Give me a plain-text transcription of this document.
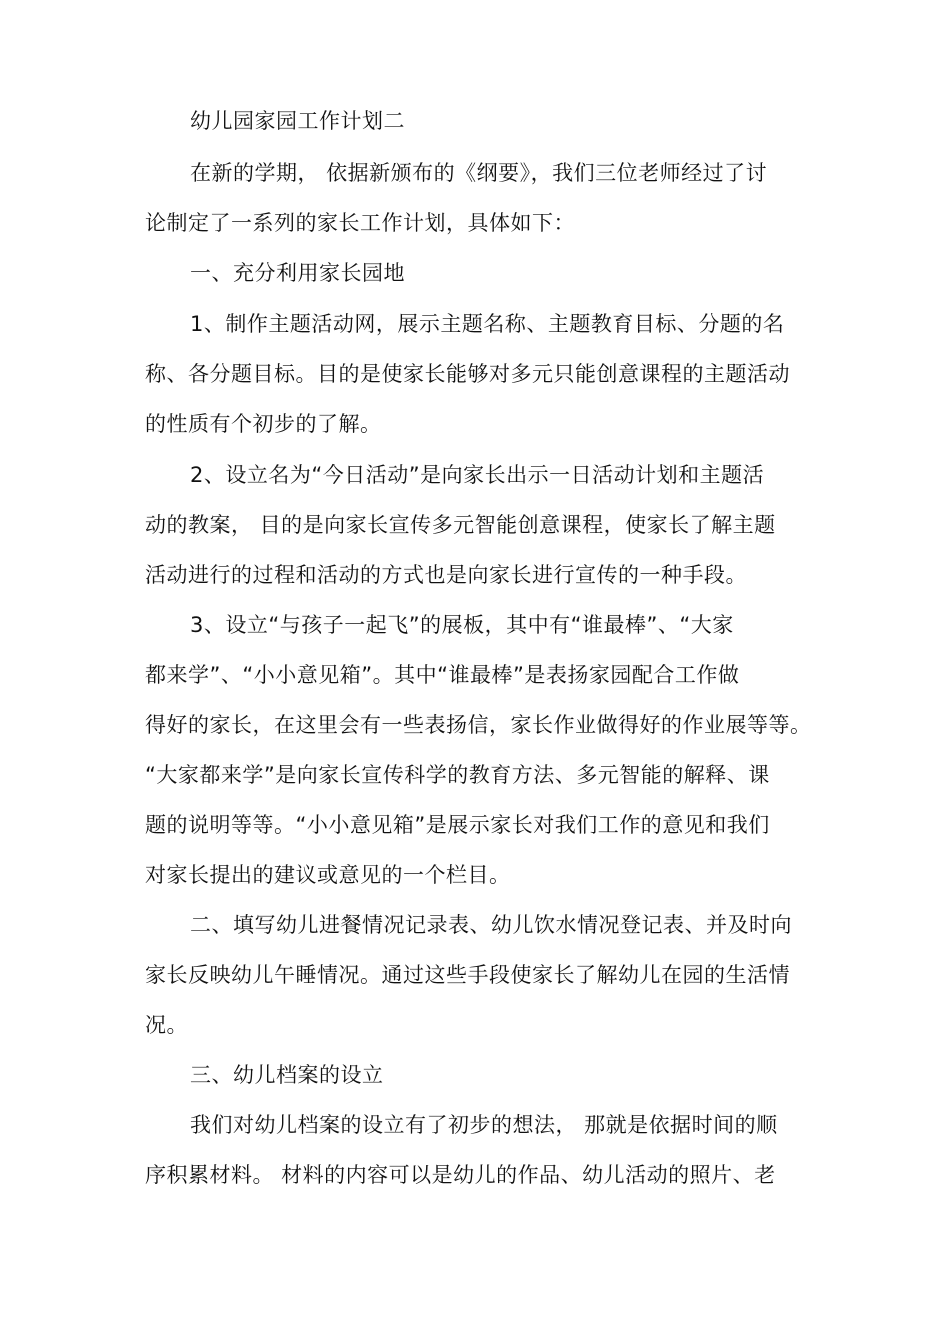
幼儿园家园工作计划二
在新的学期， 依据新颁布的《纲要》，我们三位老师经过了讨
论制定了一系列的家长工作计划，具体如下：
一、充分利用家长园地
1、制作主题活动网，展示主题名称、主题教育目标、分题的名
称、各分题目标。目的是使家长能够对多元只能创意课程的主题活动
的性质有个初步的了解。
2、设立名为“今日活动”是向家长出示一日活动计划和主题活
动的教案， 目的是向家长宣传多元智能创意课程，使家长了解主题
活动进行的过程和活动的方式也是向家长进行宣传的一种手段。
3、设立“与孩子一起飞”的展板，其中有“谁最棒”、“大家
都来学”、“小小意见箱”。其中“谁最棒”是表扬家园配合工作做
得好的家长，在这里会有一些表扬信，家长作业做得好的作业展等等。
“大家都来学”是向家长宣传科学的教育方法、多元智能的解释、课
题的说明等等。“小小意见箱”是展示家长对我们工作的意见和我们
对家长提出的建议或意见的一个栏目。
二、填写幼儿进餐情况记录表、幼儿饮水情况登记表、并及时向
家长反映幼儿午睡情况。通过这些手段使家长了解幼儿在园的生活情
况。
三、幼儿档案的设立
我们对幼儿档案的设立有了初步的想法， 那就是依据时间的顺
序积累材料。 材料的内容可以是幼儿的作品、幼儿活动的照片、老
